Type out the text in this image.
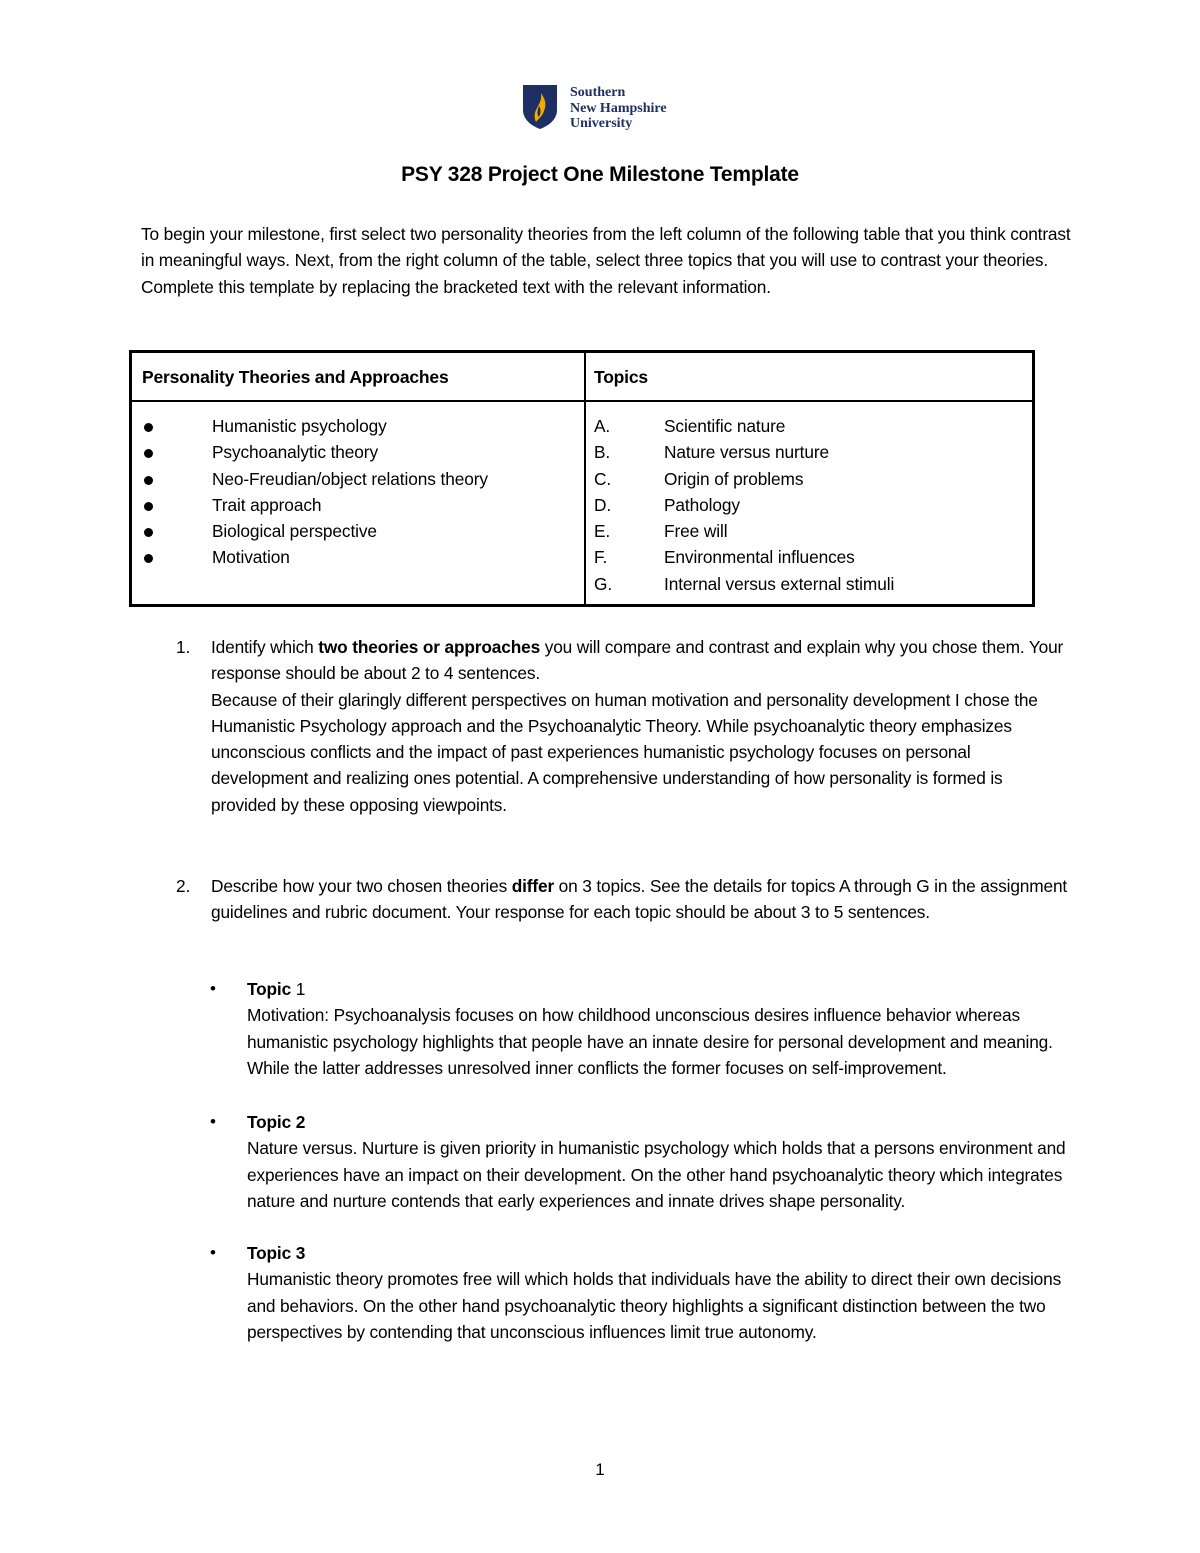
Southern
New Hampshire
University
PSY 328 Project One Milestone Template
To begin your milestone, first select two personality theories from the left column of the following table that you think contrast in meaningful ways. Next, from the right column of the table, select three topics that you will use to contrast your theories. Complete this template by replacing the bracketed text with the relevant information.
Personality Theories and Approaches	Topics
Humanistic psychology
Psychoanalytic theory
Neo-Freudian/object relations theory
Trait approach
Biological perspective
Motivation
A.	Scientific nature
B.	Nature versus nurture
C.	Origin of problems
D.	Pathology
E.	Free will
F.	Environmental influences
G.	Internal versus external stimuli
1. Identify which two theories or approaches you will compare and contrast and explain why you chose them. Your response should be about 2 to 4 sentences.
Because of their glaringly different perspectives on human motivation and personality development I chose the Humanistic Psychology approach and the Psychoanalytic Theory. While psychoanalytic theory emphasizes unconscious conflicts and the impact of past experiences humanistic psychology focuses on personal development and realizing ones potential. A comprehensive understanding of how personality is formed is provided by these opposing viewpoints.
2. Describe how your two chosen theories differ on 3 topics. See the details for topics A through G in the assignment guidelines and rubric document. Your response for each topic should be about 3 to 5 sentences.
• Topic 1
Motivation: Psychoanalysis focuses on how childhood unconscious desires influence behavior whereas humanistic psychology highlights that people have an innate desire for personal development and meaning. While the latter addresses unresolved inner conflicts the former focuses on self-improvement.
• Topic 2
Nature versus. Nurture is given priority in humanistic psychology which holds that a persons environment and experiences have an impact on their development. On the other hand psychoanalytic theory which integrates nature and nurture contends that early experiences and innate drives shape personality.
• Topic 3
Humanistic theory promotes free will which holds that individuals have the ability to direct their own decisions and behaviors. On the other hand psychoanalytic theory highlights a significant distinction between the two perspectives by contending that unconscious influences limit true autonomy.
1
